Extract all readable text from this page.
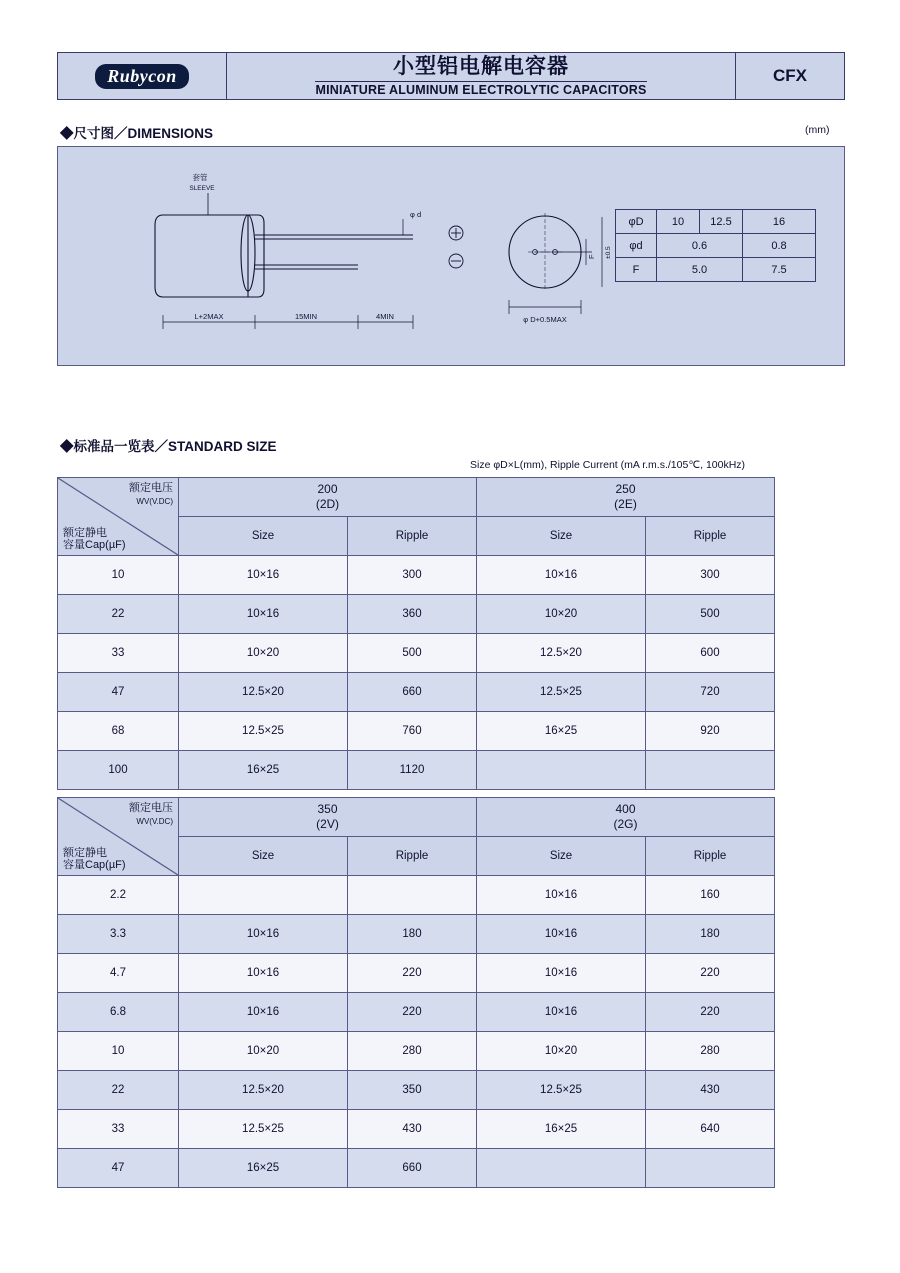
Rubycon	小型铝电解电容器
MINIATURE ALUMINUM ELECTROLYTIC CAPACITORS
CFX
◆尺寸图／DIMENSIONS	(mm)
套管
SLEEVE
φ d
L+2MAX	15MIN	4MIN
F ±0.5
φ D+0.5MAX
φD	10	12.5	16
φd	0.6		0.8
F	5.0		7.5
◆标准品一览表／STANDARD SIZE
Size φD×L(mm), Ripple Current (mA r.m.s./105℃, 100kHz)
额定电压
WV(V.DC)
额定静电
容量Cap(µF)
	200
(2D)	250
(2E)
	Size	Ripple	Size	Ripple
10	10×16	300	10×16	300
22	10×16	360	10×20	500
33	10×20	500	12.5×20	600
47	12.5×20	660	12.5×25	720
68	12.5×25	760	16×25	920
100	16×25	1120		
额定电压
WV(V.DC)
额定静电
容量Cap(µF)
	350
(2V)	400
(2G)
	Size	Ripple	Size	Ripple
2.2			10×16	160
3.3	10×16	180	10×16	180
4.7	10×16	220	10×16	220
6.8	10×16	220	10×16	220
10	10×20	280	10×20	280
22	12.5×20	350	12.5×25	430
33	12.5×25	430	16×25	640
47	16×25	660		
